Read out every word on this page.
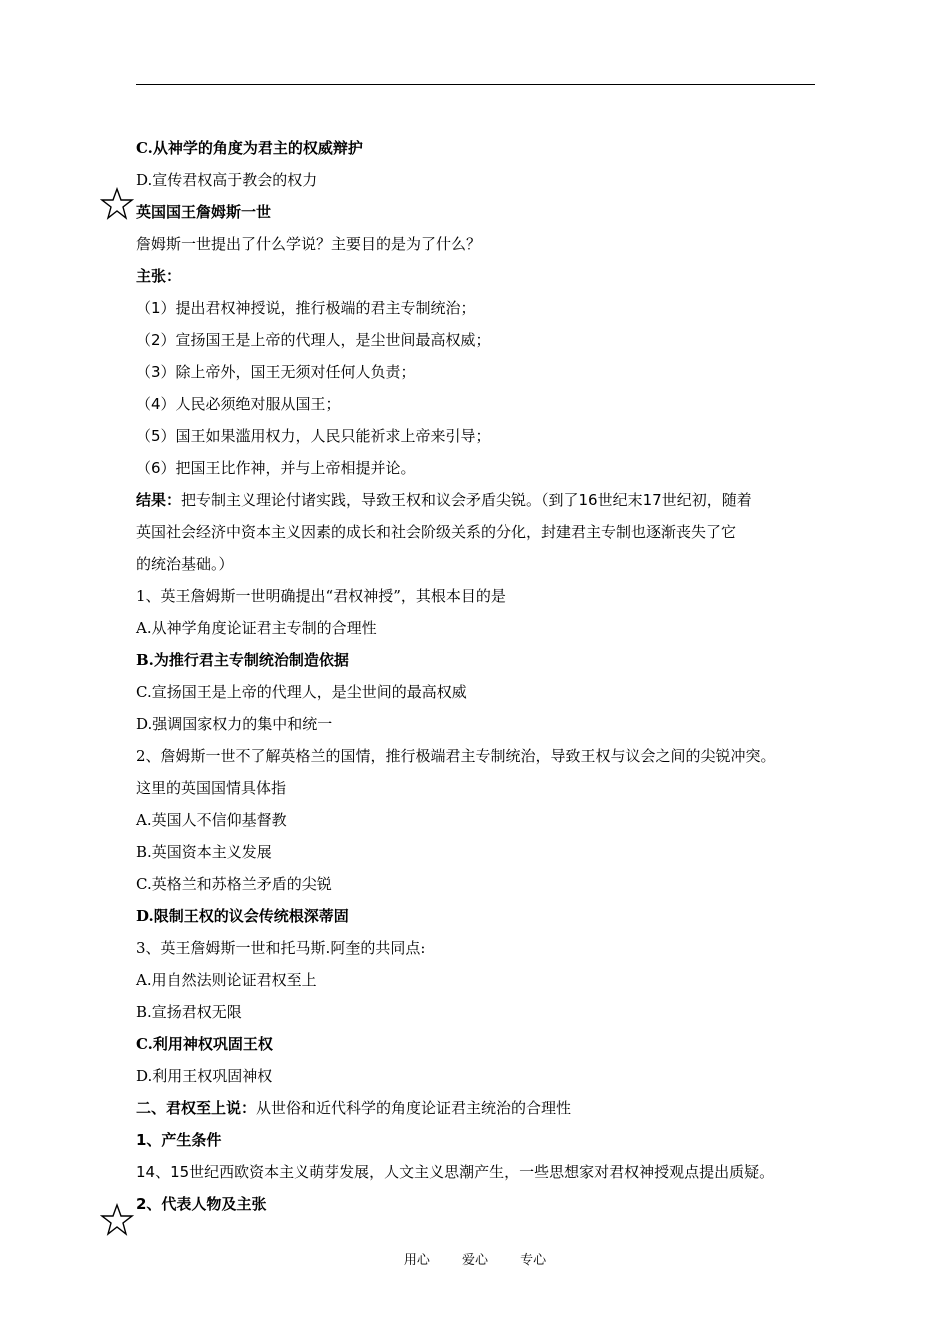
C.从神学的角度为君主的权威辩护
D.宣传君权高于教会的权力
英国国王詹姆斯一世
詹姆斯一世提出了什么学说？主要目的是为了什么？
主张：
（1）提出君权神授说，推行极端的君主专制统治；
（2）宣扬国王是上帝的代理人，是尘世间最高权威；
（3）除上帝外，国王无须对任何人负责；
（4）人民必须绝对服从国王；
（5）国王如果滥用权力，人民只能祈求上帝来引导；
（6）把国王比作神，并与上帝相提并论。
结果：把专制主义理论付诸实践，导致王权和议会矛盾尖锐。（到了16世纪末17世纪初，随着
英国社会经济中资本主义因素的成长和社会阶级关系的分化，封建君主专制也逐渐丧失了它
的统治基础。）
1、英王詹姆斯一世明确提出“君权神授”，其根本目的是
A.从神学角度论证君主专制的合理性
B.为推行君主专制统治制造依据
C.宣扬国王是上帝的代理人，是尘世间的最高权威
D.强调国家权力的集中和统一
2、詹姆斯一世不了解英格兰的国情，推行极端君主专制统治，导致王权与议会之间的尖锐冲突。
这里的英国国情具体指
A.英国人不信仰基督教
B.英国资本主义发展
C.英格兰和苏格兰矛盾的尖锐
D.限制王权的议会传统根深蒂固
3、英王詹姆斯一世和托马斯.阿奎的共同点:
A.用自然法则论证君权至上
B.宣扬君权无限
C.利用神权巩固王权
D.利用王权巩固神权
二、君权至上说：从世俗和近代科学的角度论证君主统治的合理性
1、产生条件
14、15世纪西欧资本主义萌芽发展，人文主义思潮产生，一些思想家对君权神授观点提出质疑。
2、代表人物及主张
用心 爱心 专心
